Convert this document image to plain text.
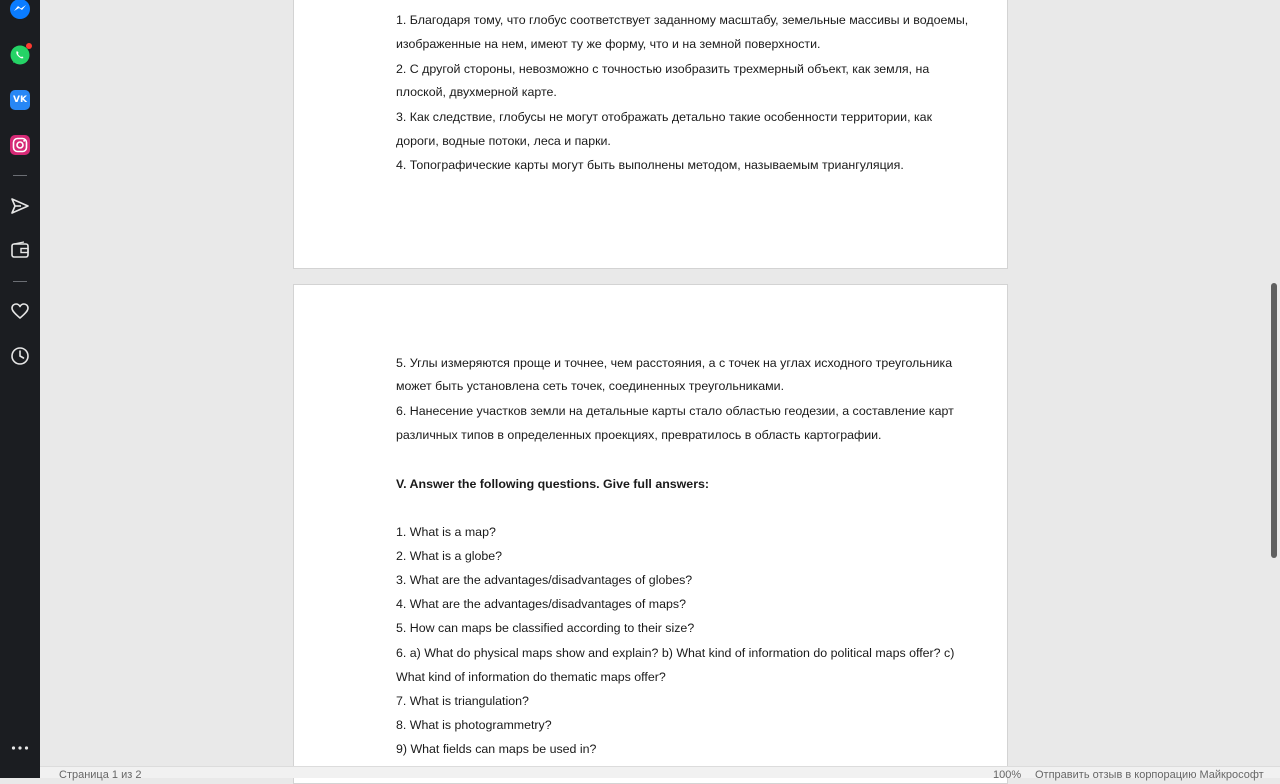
VK
1. Благодаря тому, что глобус соответствует заданному масштабу, земельные массивы и водоемы,
изображенные на нем, имеют ту же форму, что и на земной поверхности.
2. С другой стороны, невозможно с точностью изобразить трехмерный объект, как земля, на
плоской, двухмерной карте.
3. Как следствие, глобусы не могут отображать детально такие особенности территории, как
дороги, водные потоки, леса и парки.
4. Топографические карты могут быть выполнены методом, называемым триангуляция.
5. Углы измеряются проще и точнее, чем расстояния, а с точек на углах исходного треугольника
может быть установлена сеть точек, соединенных треугольниками.
6. Нанесение участков земли на детальные карты стало областью геодезии, а составление карт
различных типов в определенных проекциях, превратилось в область картографии.
V. Answer the following questions. Give full answers:
1. What is a map?
2. What is a globe?
3. What are the advantages/disadvantages of globes?
4. What are the advantages/disadvantages of maps?
5. How can maps be classified according to their size?
6. a) What do physical maps show and explain? b) What kind of information do political maps offer? c)
What kind of information do thematic maps offer?
7. What is triangulation?
8. What is photogrammetry?
9) What fields can maps be used in?
Страница 1 из 2	100% Отправить отзыв в корпорацию Майкрософт
